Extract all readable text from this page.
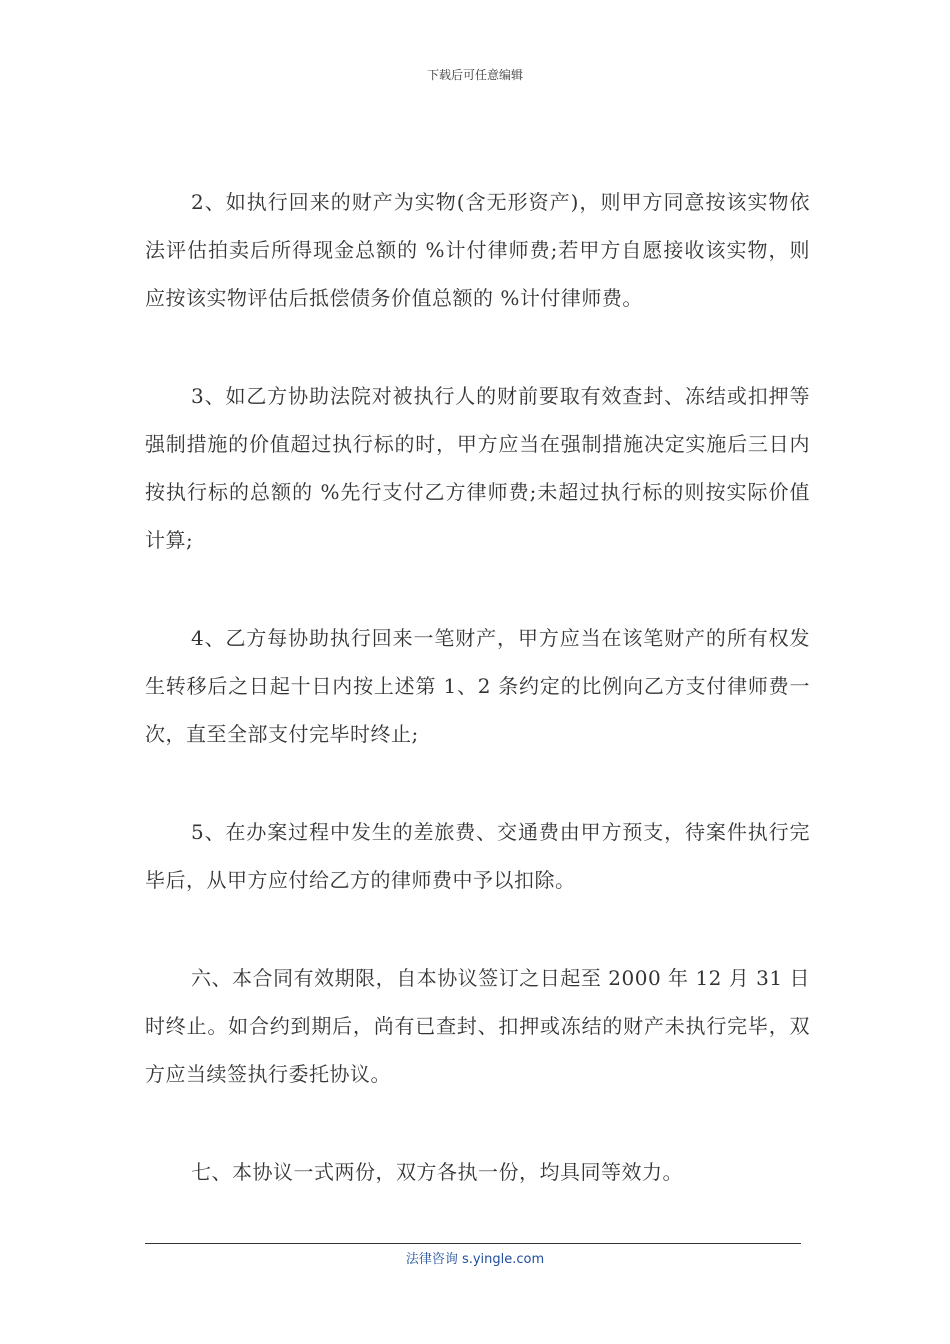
下载后可任意编辑

2、如执行回来的财产为实物(含无形资产)，则甲方同意按该实物依法评估拍卖后所得现金总额的 %计付律师费;若甲方自愿接收该实物，则应按该实物评估后抵偿债务价值总额的 %计付律师费。

3、如乙方协助法院对被执行人的财前要取有效查封、冻结或扣押等强制措施的价值超过执行标的时，甲方应当在强制措施决定实施后三日内按执行标的总额的 %先行支付乙方律师费;未超过执行标的则按实际价值计算;

4、乙方每协助执行回来一笔财产，甲方应当在该笔财产的所有权发生转移后之日起十日内按上述第 1、2 条约定的比例向乙方支付律师费一次，直至全部支付完毕时终止;

5、在办案过程中发生的差旅费、交通费由甲方预支，待案件执行完毕后，从甲方应付给乙方的律师费中予以扣除。

六、本合同有效期限，自本协议签订之日起至 2000 年 12 月 31 日时终止。如合约到期后，尚有已查封、扣押或冻结的财产未执行完毕，双方应当续签执行委托协议。

七、本协议一式两份，双方各执一份，均具同等效力。

法律咨询 s.yingle.com
